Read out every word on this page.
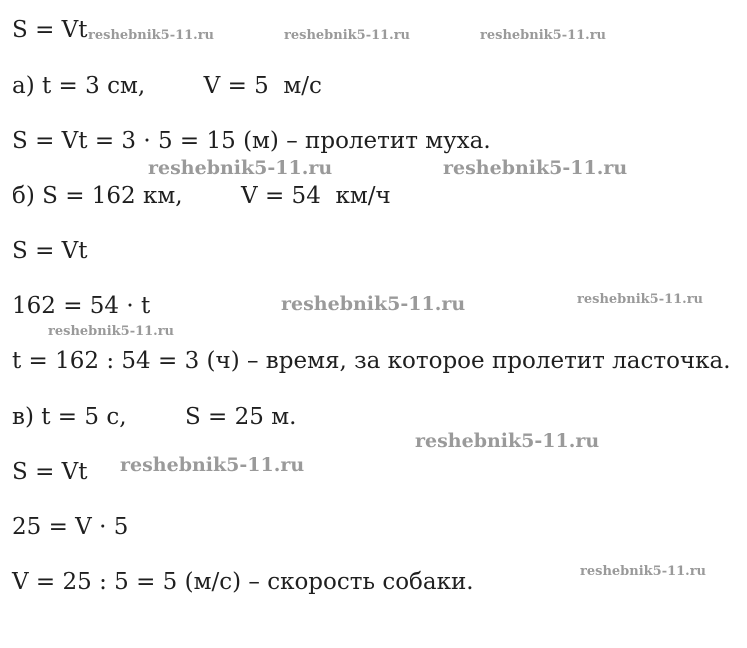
S = Vt
а) t = 3 см,        V = 5  м/с
S = Vt = 3 · 5 = 15 (м) – пролетит муха.
б) S = 162 км,        V = 54  км/ч
S = Vt
162 = 54 · t
t = 162 : 54 = 3 (ч) – время, за которое пролетит ласточка.
в) t = 5 с,        S = 25 м.
S = Vt
25 = V · 5
V = 25 : 5 = 5 (м/с) – скорость собаки.
reshebnik5-11.ru	reshebnik5-11.ru	reshebnik5-11.ru
reshebnik5-11.ru	reshebnik5-11.ru
reshebnik5-11.ru	reshebnik5-11.ru
reshebnik5-11.ru
reshebnik5-11.ru
reshebnik5-11.ru
reshebnik5-11.ru
